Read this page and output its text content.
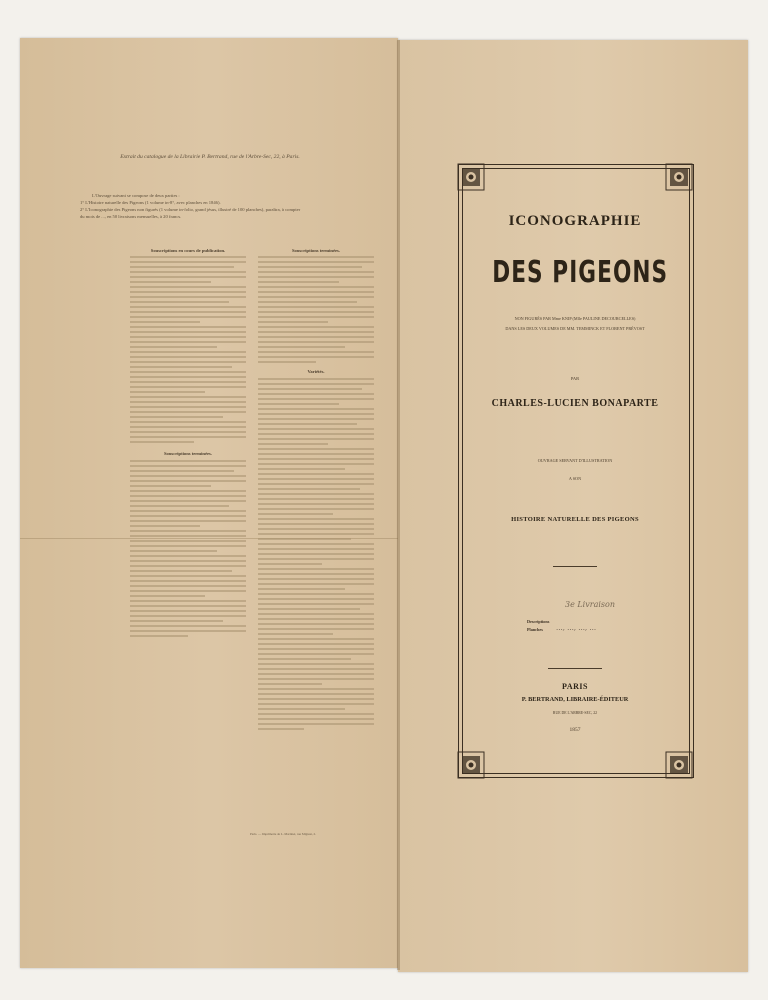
Extrait du catalogue de la Librairie P. Bertrand, rue de l'Arbre-Sec, 22, à Paris.

L'Ouvrage suivant se compose de deux parties :

1° L'Histoire naturelle des Pigeons (1 volume in-8°, avec planches en 1846).

2° L'Iconographie des Pigeons non figurés (1 volume in-folio, grand jésus, illustré de 100 planches), paraîtra, à compter

du mois de ..., en 50 livraisons mensuelles, à 20 francs.

Souscriptions en cours de publication.
Souscriptions terminées.
Souscriptions terminées.
Variétés.
Paris. — Imprimerie de L. Martinet, rue Mignon, 2.
ICONOGRAPHIE
DES PIGEONS
NON FIGURÉS PAR Mme KNIP (Mlle PAULINE DECOURCELLES)
DANS LES DEUX VOLUMES DE MM. TEMMINCK ET FLORENT PRÉVOST
PAR
CHARLES-LUCIEN BONAPARTE
OUVRAGE SERVANT D'ILLUSTRATION
A SON
HISTOIRE NATURELLE DES PIGEONS
3e Livraison
Descriptions
Planches ..., ..., ..., ...
PARIS
P. BERTRAND, LIBRAIRE-ÉDITEUR
RUE DE L'ARBRE-SEC, 22
1857
